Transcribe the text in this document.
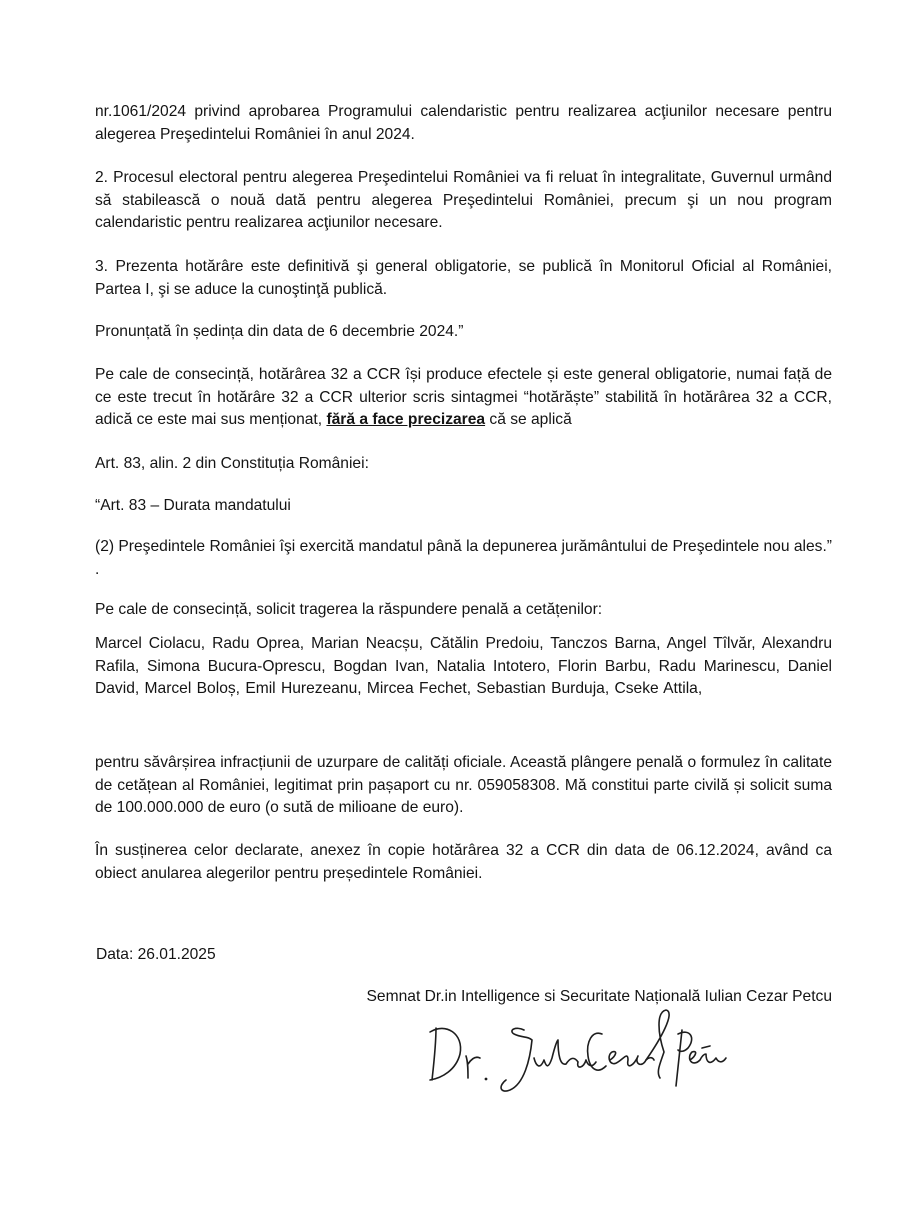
nr.1061/2024 privind aprobarea Programului calendaristic pentru realizarea acţiunilor necesare pentru alegerea Preşedintelui României în anul 2024.

2. Procesul electoral pentru alegerea Preşedintelui României va fi reluat în integralitate, Guvernul urmând să stabilească o nouă dată pentru alegerea Preşedintelui României, precum şi un nou program calendaristic pentru realizarea acţiunilor necesare.

3. Prezenta hotărâre este definitivă şi general obligatorie, se publică în Monitorul Oficial al României, Partea I, şi se aduce la cunoştinţă publică.

Pronunțată în ședința din data de 6 decembrie 2024.”

Pe cale de consecință, hotărârea 32 a CCR își produce efectele și este general obligatorie, numai față de ce este trecut în hotărâre 32 a CCR ulterior scris sintagmei “hotărăște” stabilită în hotărârea 32 a CCR, adică ce este mai sus menționat, fără a face precizarea că se aplică

Art. 83, alin. 2 din Constituția României:

“Art. 83 – Durata mandatului

(2) Preşedintele României îşi exercită mandatul până la depunerea jurământului de Preşedintele nou ales.” .

Pe cale de consecință, solicit tragerea la răspundere penală a cetățenilor:

Marcel Ciolacu, Radu Oprea, Marian Neacșu, Cătălin Predoiu, Tanczos Barna, Angel Tîlvăr, Alexandru Rafila, Simona Bucura-Oprescu, Bogdan Ivan, Natalia Intotero, Florin Barbu, Radu Marinescu, Daniel David, Marcel Boloș, Emil Hurezeanu, Mircea Fechet, Sebastian Burduja, Cseke Attila,

pentru săvârșirea infracțiunii de uzurpare de calități oficiale. Această plângere penală o formulez în calitate de cetățean al României, legitimat prin pașaport cu nr. 059058308. Mă constitui parte civilă și solicit suma de 100.000.000 de euro (o sută de milioane de euro).

În susținerea celor declarate, anexez în copie hotărârea 32 a CCR din data de 06.12.2024, având ca obiect anularea alegerilor pentru președintele României.

Data: 26.01.2025
Semnat Dr.in Intelligence si Securitate Națională Iulian Cezar Petcu
